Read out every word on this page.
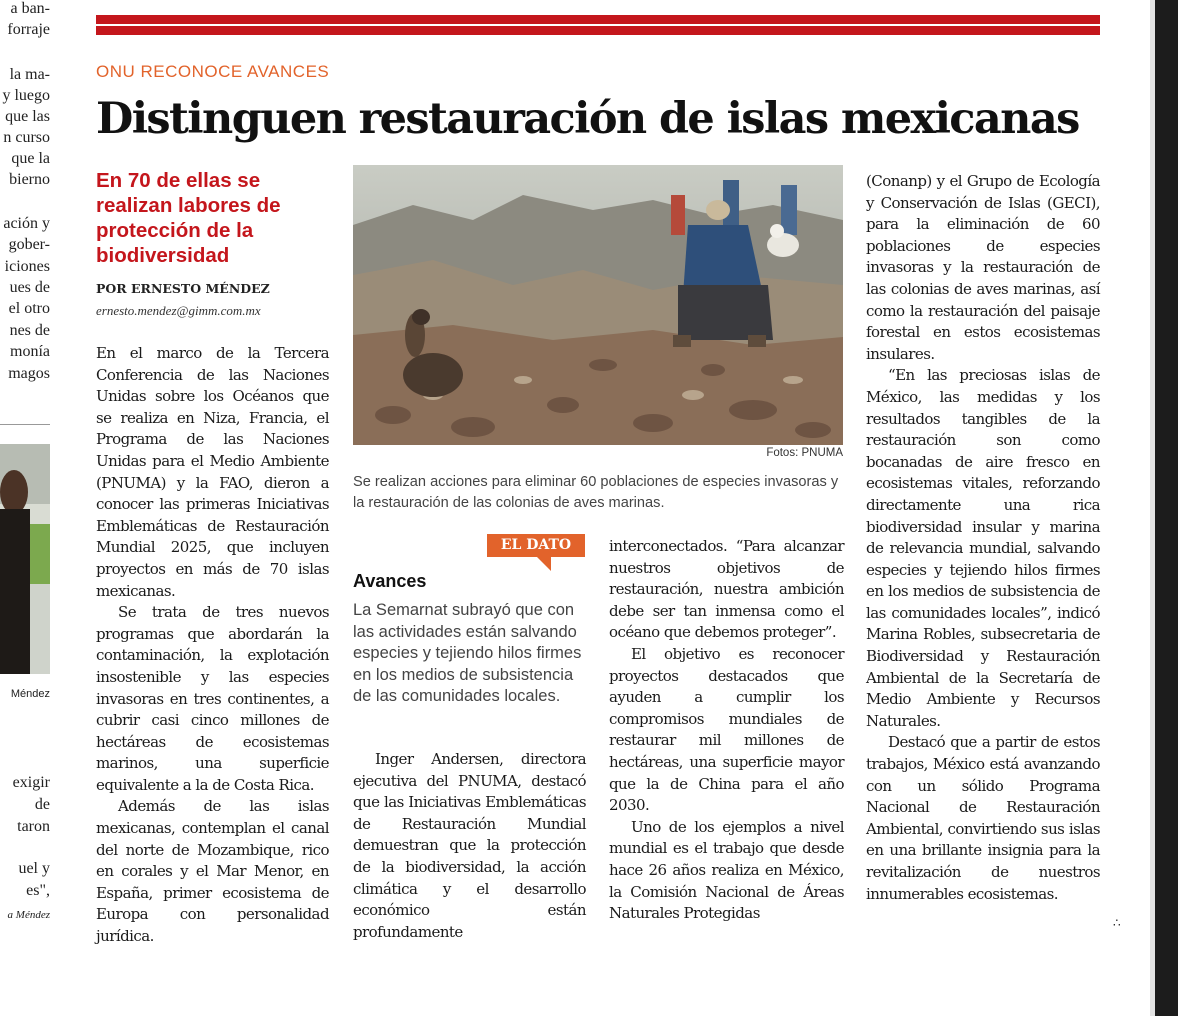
a ban-
forraje
la ma-
y luego
que las
n curso
que la
bierno
ación y
gober-
iciones
ues de
el otro
nes de
monía
magos
Méndez
exigir
de
taron
uel y
es",
a Méndez
ONU RECONOCE AVANCES
Distinguen restauración de islas mexicanas
En 70 de ellas se realizan labores de protección de la biodiversidad
POR ERNESTO MÉNDEZ
ernesto.mendez@gimm.com.mx

En el marco de la Tercera Conferencia de las Naciones Unidas sobre los Océanos que se realiza en Niza, Francia, el Programa de las Naciones Unidas para el Medio Ambiente (PNUMA) y la FAO, dieron a conocer las primeras Iniciativas Emblemáticas de Restauración Mundial 2025, que incluyen proyectos en más de 70 islas mexicanas.

Se trata de tres nuevos programas que abordarán la contaminación, la explotación insostenible y las especies invasoras en tres continentes, a cubrir casi cinco millones de hectáreas de ecosistemas marinos, una superficie equivalente a la de Costa Rica.

Además de las islas mexicanas, contemplan el canal del norte de Mozambique, rico en corales y el Mar Menor, en España, primer ecosistema de Europa con personalidad jurídica.

Fotos: PNUMA
Se realizan acciones para eliminar 60 poblaciones de especies invasoras y la restauración de las colonias de aves marinas.
EL DATO
Avances
La Semarnat subrayó que con las actividades están salvando especies y tejiendo hilos firmes en los medios de subsistencia de las comunidades locales.

Inger Andersen, directora ejecutiva del PNUMA, destacó que las Iniciativas Emblemáticas de Restauración Mundial demuestran que la protección de la biodiversidad, la acción climática y el desarrollo económico están profundamente

interconectados. “Para alcanzar nuestros objetivos de restauración, nuestra ambición debe ser tan inmensa como el océano que debemos proteger”.

El objetivo es reconocer proyectos destacados que ayuden a cumplir los compromisos mundiales de restaurar mil millones de hectáreas, una superficie mayor que la de China para el año 2030.

Uno de los ejemplos a nivel mundial es el trabajo que desde hace 26 años realiza en México, la Comisión Nacional de Áreas Naturales Protegidas

(Conanp) y el Grupo de Ecología y Conservación de Islas (GECI), para la eliminación de 60 poblaciones de especies invasoras y la restauración de las colonias de aves marinas, así como la restauración del paisaje forestal en estos ecosistemas insulares.

“En las preciosas islas de México, las medidas y los resultados tangibles de la restauración son como bocanadas de aire fresco en ecosistemas vitales, reforzando directamente una rica biodiversidad insular y marina de relevancia mundial, salvando especies y tejiendo hilos firmes en los medios de subsistencia de las comunidades locales”, indicó Marina Robles, subsecretaria de Biodiversidad y Restauración Ambiental de la Secretaría de Medio Ambiente y Recursos Naturales.

Destacó que a partir de estos trabajos, México está avanzando con un sólido Programa Nacional de Restauración Ambiental, convirtiendo sus islas en una brillante insignia para la revitalización de nuestros innumerables ecosistemas.

∴
